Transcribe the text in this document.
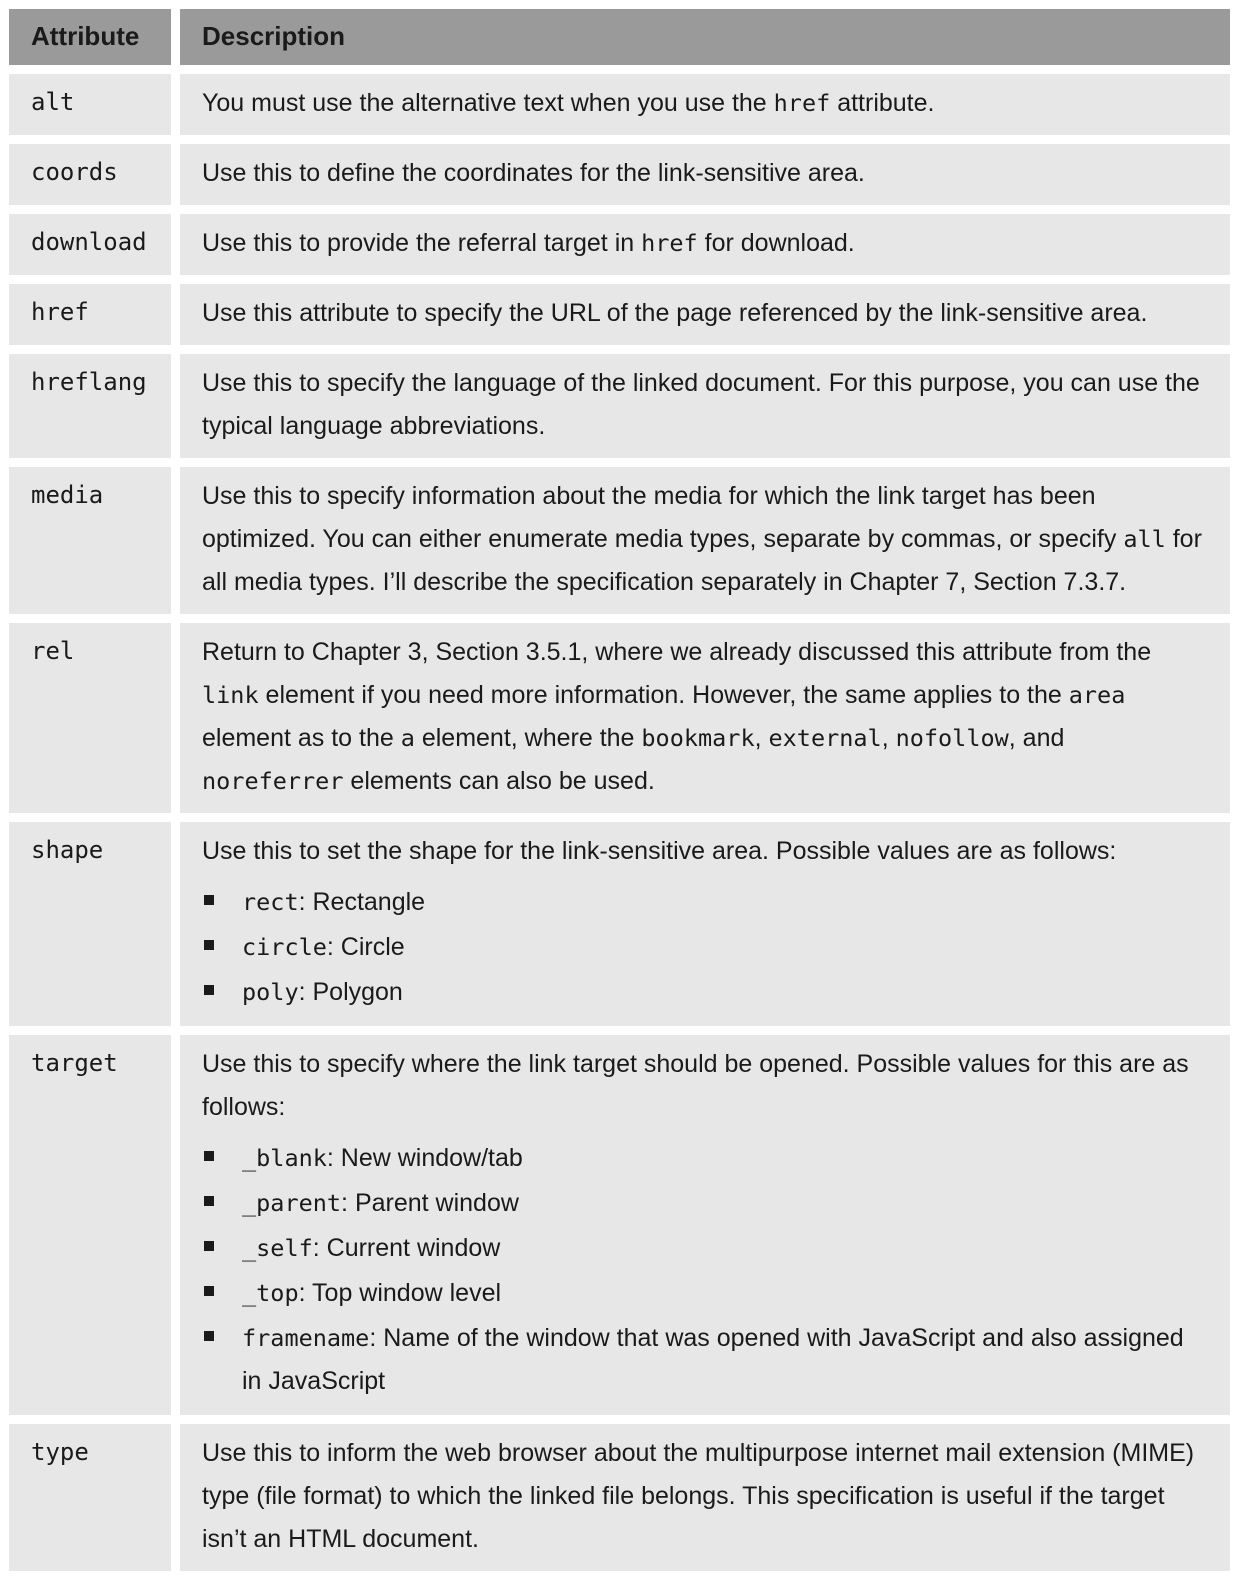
Attribute	Description
alt	You must use the alternative text when you use the href attribute.

coords	Use this to define the coordinates for the link-sensitive area.

download	Use this to provide the referral target in href for download.

href	Use this attribute to specify the URL of the page referenced by the link-sensitive area.

hreflang	Use this to specify the language of the linked document. For this purpose, you can use the typical language abbreviations.

media	Use this to specify information about the media for which the link target has been optimized. You can either enumerate media types, separate by commas, or specify all for all media types. I’ll describe the specification separately in Chapter 7, Section 7.3.7.

rel	Return to Chapter 3, Section 3.5.1, where we already discussed this attribute from the link element if you need more information. However, the same applies to the area element as to the a element, where the bookmark, external, nofollow, and noreferrer elements can also be used.

shape	Use this to set the shape for the link-sensitive area. Possible values are as follows:

rect: Rectangle
circle: Circle
poly: Polygon

target	Use this to specify where the link target should be opened. Possible values for this are as follows:

_blank: New window/tab
_parent: Parent window
_self: Current window
_top: Top window level
framename: Name of the window that was opened with JavaScript and also assigned in JavaScript

type	Use this to inform the web browser about the multipurpose internet mail extension (MIME) type (file format) to which the linked file belongs. This specification is useful if the target isn’t an HTML document.
